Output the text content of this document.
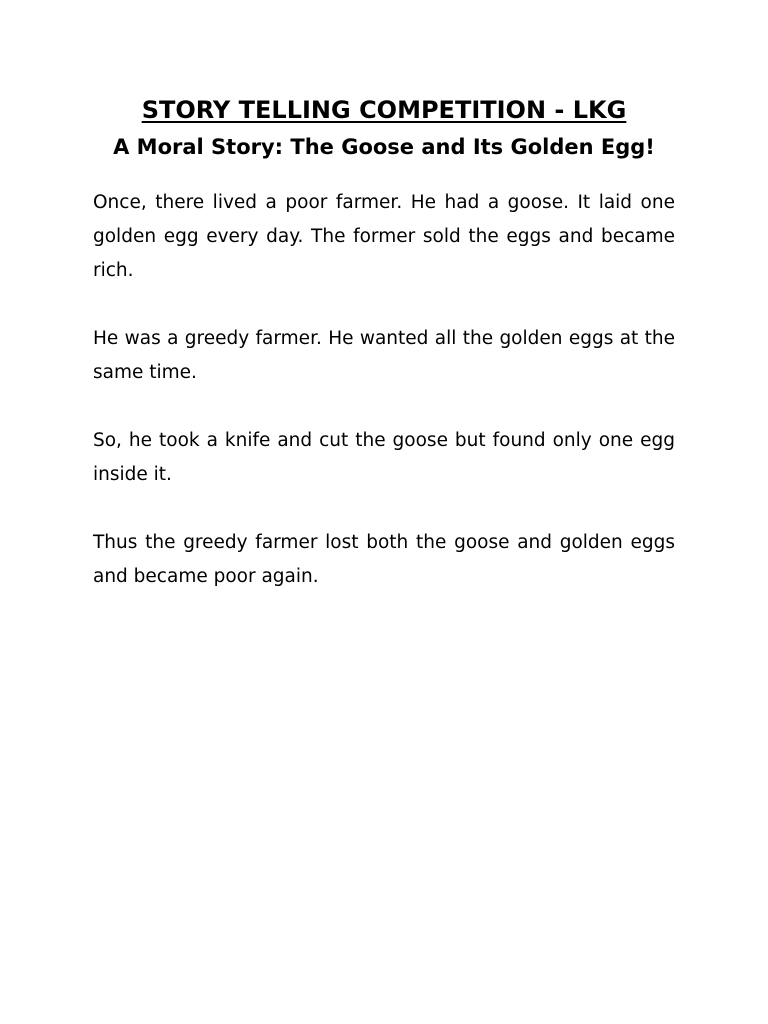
STORY TELLING COMPETITION - LKG
A Moral Story: The Goose and Its Golden Egg!

Once, there lived a poor farmer. He had a goose. It laid one golden egg every day. The former sold the eggs and became rich.

He was a greedy farmer. He wanted all the golden eggs at the same time.

So, he took a knife and cut the goose but found only one egg inside it.

Thus the greedy farmer lost both the goose and golden eggs and became poor again.
